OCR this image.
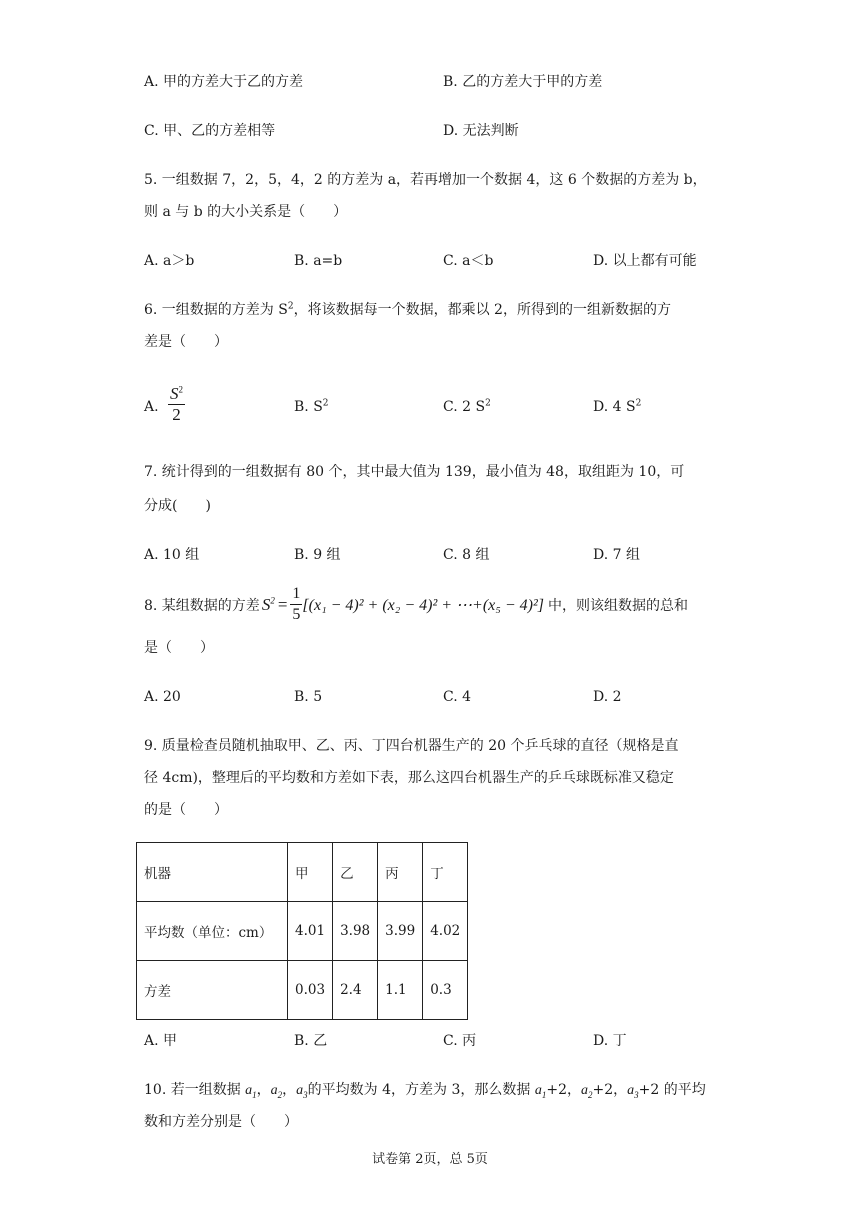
A. 甲的方差大于乙的方差	B. 乙的方差大于甲的方差
C. 甲、乙的方差相等	D. 无法判断
5. 一组数据 7，2，5，4，2 的方差为 a，若再增加一个数据 4，这 6 个数据的方差为 b，
则 a 与 b 的大小关系是（　　）
A. a＞b	B. a=b	C. a＜b	D. 以上都有可能
6. 一组数据的方差为 $S^2$，将该数据每一个数据，都乘以 2，所得到的一组新数据的方
差是（　　）
A. $\frac{S^2}{2}$	B. $S^2$	C. 2 $S^2$	D. 4 $S^2$
7. 统计得到的一组数据有 80 个，其中最大值为 139，最小值为 48，取组距为 10，可
分成(　　)
A. 10 组	B. 9 组	C. 8 组	D. 7 组
8. 某组数据的方差 $S^2 = \frac{1}{5} [(x_1 - 4)^2 + (x_2 - 4)^2$ + ⋯+(x₅ − 4)²] 中，则该组数据的总和
是（　　）
A. 20	B. 5	C. 4	D. 2
9. 质量检查员随机抽取甲、乙、丙、丁四台机器生产的 20 个乒乓球的直径（规格是直
径 4cm)，整理后的平均数和方差如下表，那么这四台机器生产的乒乓球既标准又稳定
的是（　　）
机器	甲	乙	丙	丁
平均数（单位：cm）	4.01	3.98	3.99	4.02
方差	0.03	2.4	1.1	0.3
A. 甲	B. 乙	C. 丙	D. 丁
10. 若一组数据 $a_1$，$a_2$，$a_3$的平均数为 4，方差为 3，那么数据 $a_1+2$，$a_2+2$，$a_3+2$ 的平均
数和方差分别是（　　）
试卷第 2页，总 5页
